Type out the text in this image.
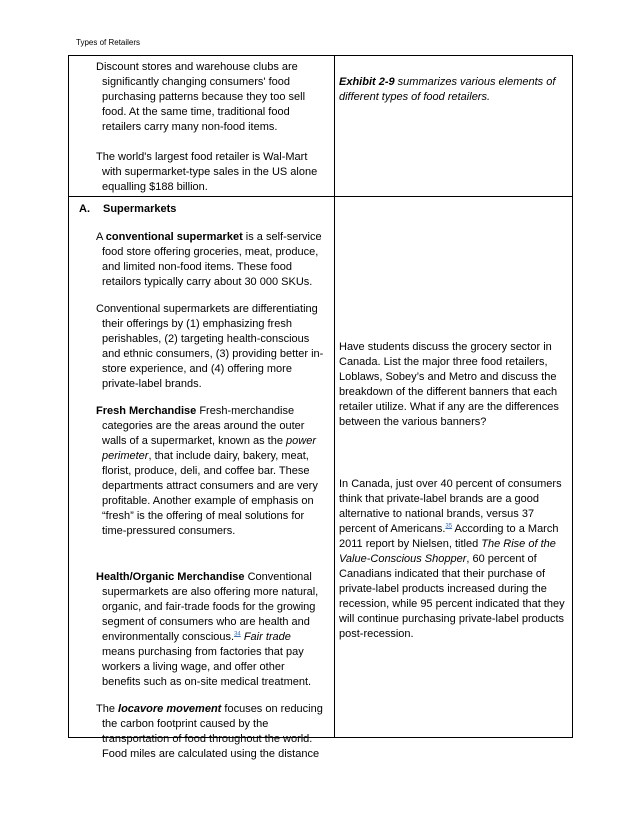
Types of Retailers

Discount stores and warehouse clubs are significantly changing consumers' food purchasing patterns because they too sell food. At the same time, traditional food retailers carry many non-food items.

The world's largest food retailer is Wal-Mart with supermarket-type sales in the US alone equalling $188 billion.

Exhibit 2-9 summarizes various elements of different types of food retailers.

A. Supermarkets

A conventional supermarket is a self-service food store offering groceries, meat, produce, and limited non-food items. These food retailors typically carry about 30 000 SKUs.

Conventional supermarkets are differentiating their offerings by (1) emphasizing fresh perishables, (2) targeting health-conscious and ethnic consumers, (3) providing better in-store experience, and (4) offering more private-label brands.

Fresh Merchandise Fresh-merchandise categories are the areas around the outer walls of a supermarket, known as the power perimeter, that include dairy, bakery, meat, florist, produce, deli, and coffee bar. These departments attract consumers and are very profitable. Another example of emphasis on “fresh” is the offering of meal solutions for time-pressured consumers.

Health/Organic Merchandise Conventional supermarkets are also offering more natural, organic, and fair-trade foods for the growing segment of consumers who are health and environmentally conscious.$^{34}$ Fair trade means purchasing from factories that pay workers a living wage, and offer other benefits such as on-site medical treatment.

The locavore movement focuses on reducing the carbon footprint caused by the transportation of food throughout the world. Food miles are calculated using the distance

Have students discuss the grocery sector in Canada. List the major three food retailers, Loblaws, Sobey’s and Metro and discuss the breakdown of the different banners that each retailer utilize. What if any are the differences between the various banners?

In Canada, just over 40 percent of consumers think that private-label brands are a good alternative to national brands, versus 37 percent of Americans.$^{35}$ According to a March 2011 report by Nielsen, titled The Rise of the Value-Conscious Shopper, 60 percent of Canadians indicated that their purchase of private-label products increased during the recession, while 95 percent indicated that they will continue purchasing private-label products post-recession.
